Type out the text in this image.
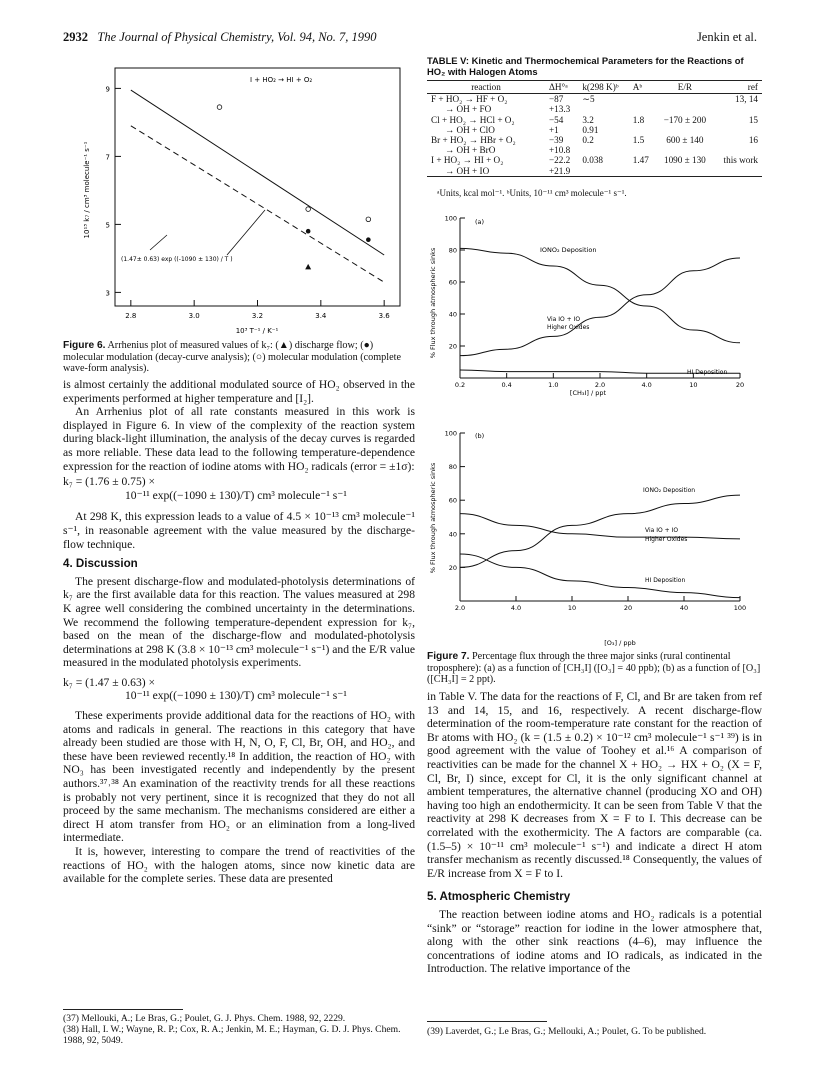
2932 The Journal of Physical Chemistry, Vol. 94, No. 7, 1990	Jenkin et al.
I + HO₂ → HI + O₂
3
5
7
9
2.8	3.0	3.2	3.4	3.6
(1.47± 0.63) exp ((-1090 ± 130) / T )
10¹³ k₇ / cm³ molecule⁻¹ s⁻¹
10³ T⁻¹ / K⁻¹
Figure 6. Arrhenius plot of measured values of k₇: (▲) discharge flow; (●) molecular modulation (decay-curve analysis); (○) molecular modulation (complete wave-form analysis).

is almost certainly the additional modulated source of HO₂ observed in the experiments performed at higher temperature and [I₂].

An Arrhenius plot of all rate constants measured in this work is displayed in Figure 6. In view of the complexity of the reaction system during black-light illumination, the analysis of the decay curves is regarded as more reliable. These data lead to the following temperature-dependence expression for the reaction of iodine atoms with HO₂ radicals (error = ±1σ):

k₇ = (1.76 ± 0.75) ×

10⁻¹¹ exp((−1090 ± 130)/T) cm³ molecule⁻¹ s⁻¹

At 298 K, this expression leads to a value of 4.5 × 10⁻¹³ cm³ molecule⁻¹ s⁻¹, in reasonable agreement with the value measured by the discharge-flow technique.

4. Discussion

The present discharge-flow and modulated-photolysis determinations of k₇ are the first available data for this reaction. The values measured at 298 K agree well considering the combined uncertainty in the determinations. We recommend the following temperature-dependent expression for k₇, based on the mean of the discharge-flow and modulated-photolysis determinations at 298 K (3.8 × 10⁻¹³ cm³ molecule⁻¹ s⁻¹) and the E/R value measured in the modulated photolysis experiments.

k₇ = (1.47 ± 0.63) ×

10⁻¹¹ exp((−1090 ± 130)/T) cm³ molecule⁻¹ s⁻¹

These experiments provide additional data for the reactions of HO₂ with atoms and radicals in general. The reactions in this category that have already been studied are those with H, N, O, F, Cl, Br, OH, and HO₂, and these have been reviewed recently.¹⁸ In addition, the reaction of HO₂ with NO₃ has been investigated recently and independently by the present authors.³⁷˒³⁸ An examination of the reactivity trends for all these reactions is probably not very pertinent, since it is recognized that they do not all proceed by the same mechanism. The mechanisms considered are either a direct H atom transfer from HO₂ or an elimination from a long-lived intermediate.

It is, however, interesting to compare the trend of reactivities of the reactions of HO₂ with the halogen atoms, since now kinetic data are available for the complete series. These data are presented

(37) Mellouki, A.; Le Bras, G.; Poulet, G. J. Phys. Chem. 1988, 92, 2229.
(38) Hall, I. W.; Wayne, R. P.; Cox, R. A.; Jenkin, M. E.; Hayman, G. D. J. Phys. Chem. 1988, 92, 5049.
TABLE V: Kinetic and Thermochemical Parameters for the Reactions of HO₂ with Halogen Atoms
reaction	ΔH°ᵃ	k(298 K)ᵇ	Aᵇ	E/R	ref
F + HO₂ → HF + O₂	−87	∼5			13, 14
→ OH + FO	+13.3				
Cl + HO₂ → HCl + O₂	−54	3.2	1.8	−170 ± 200	15
→ OH + ClO	+1	0.91			
Br + HO₂ → HBr + O₂	−39	0.2	1.5	600 ± 140	16
→ OH + BrO	+10.8				
I + HO₂ → HI + O₂	−22.2	0.038	1.47	1090 ± 130	this work
→ OH + IO	+21.9				
ᵃUnits, kcal mol⁻¹. ᵇUnits, 10⁻¹¹ cm³ molecule⁻¹ s⁻¹.
(a)
20
40
60
80
100
0.2	0.4	1.0	2.0	4.0	10	20
IONO₂ Deposition
Via IO + IO
Higher Oxides
HI Deposition
[CH₃I] / ppt
(b)
20
40
60
80
100
2.0	4.0	10	20	40	100
IONO₂ Deposition
Via IO + IO
Higher Oxides
HI Deposition
[O₃] / ppb
% Flux through atmospheric sinks
% Flux through atmospheric sinks
Figure 7. Percentage flux through the three major sinks (rural continental troposphere): (a) as a function of [CH₃I] ([O₃] = 40 ppb); (b) as a function of [O₃] ([CH₃I] = 2 ppt).

in Table V. The data for the reactions of F, Cl, and Br are taken from ref 13 and 14, 15, and 16, respectively. A recent discharge-flow determination of the room-temperature rate constant for the reaction of Br atoms with HO₂ (k = (1.5 ± 0.2) × 10⁻¹² cm³ molecule⁻¹ s⁻¹ ³⁹) is in good agreement with the value of Toohey et al.¹⁶ A comparison of reactivities can be made for the channel X + HO₂ → HX + O₂ (X = F, Cl, Br, I) since, except for Cl, it is the only significant channel at ambient temperatures, the alternative channel (producing XO and OH) having too high an endothermicity. It can be seen from Table V that the reactivity at 298 K decreases from X = F to I. This decrease can be correlated with the exothermicity. The A factors are comparable (ca. (1.5–5) × 10⁻¹¹ cm³ molecule⁻¹ s⁻¹) and indicate a direct H atom transfer mechanism as recently discussed.¹⁸ Consequently, the values of E/R increase from X = F to I.

5. Atmospheric Chemistry

The reaction between iodine atoms and HO₂ radicals is a potential “sink” or “storage” reaction for iodine in the lower atmosphere that, along with the other sink reactions (4–6), may influence the concentrations of iodine atoms and IO radicals, as indicated in the Introduction. The relative importance of the

(39) Laverdet, G.; Le Bras, G.; Mellouki, A.; Poulet, G. To be published.
